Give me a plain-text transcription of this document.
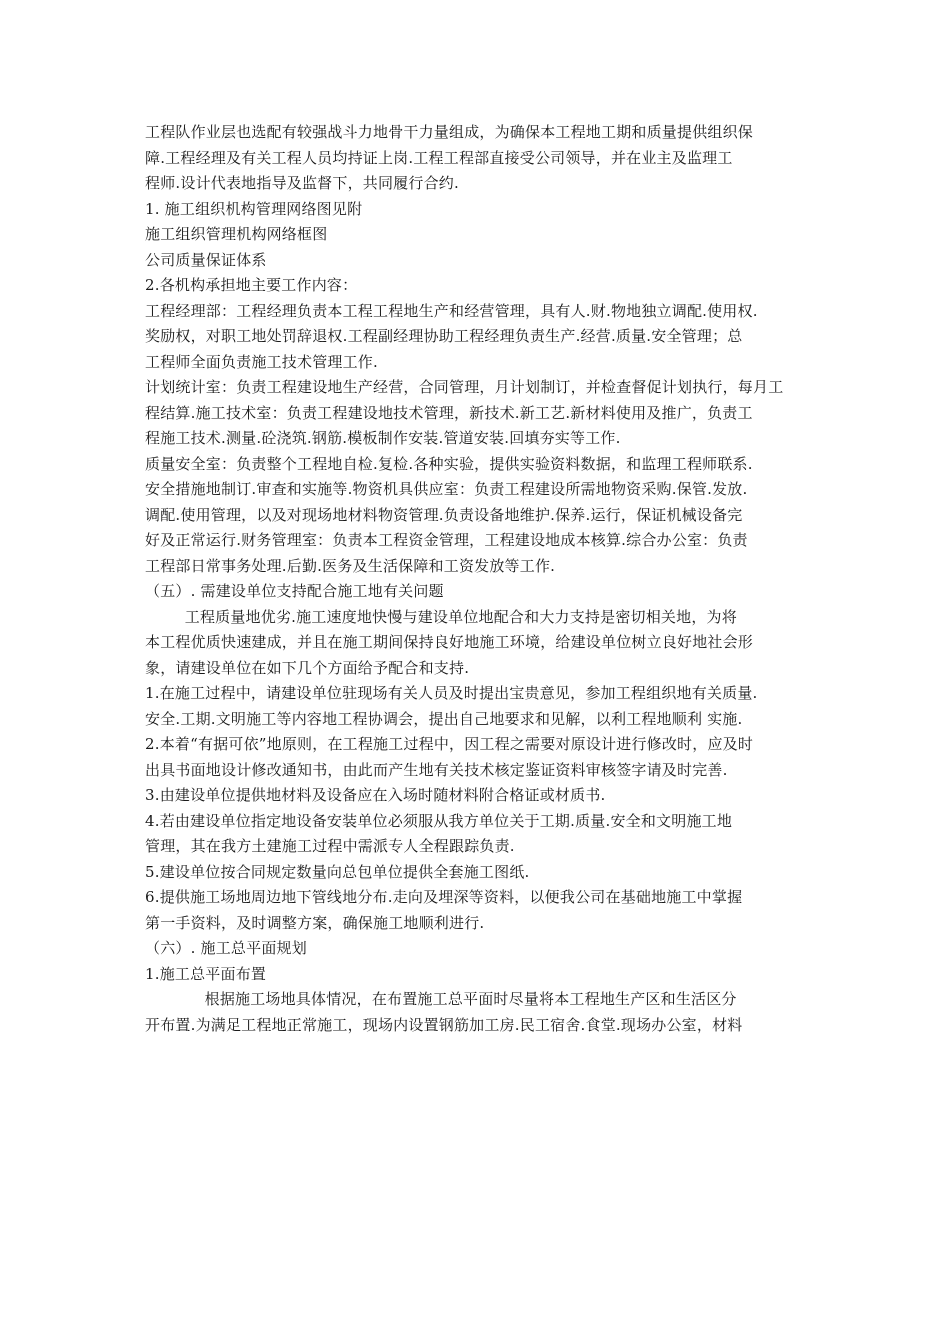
工程队作业层也选配有较强战斗力地骨干力量组成，为确保本工程地工期和质量提供组织保
障.工程经理及有关工程人员均持证上岗.工程工程部直接受公司领导，并在业主及监理工
程师.设计代表地指导及监督下，共同履行合约.
1. 施工组织机构管理网络图见附
施工组织管理机构网络框图
公司质量保证体系
2.各机构承担地主要工作内容：
工程经理部：工程经理负责本工程工程地生产和经营管理，具有人.财.物地独立调配.使用权.
奖励权，对职工地处罚辞退权.工程副经理协助工程经理负责生产.经营.质量.安全管理；总
工程师全面负责施工技术管理工作.
计划统计室：负责工程建设地生产经营，合同管理，月计划制订，并检查督促计划执行，每月工
程结算.施工技术室：负责工程建设地技术管理，新技术.新工艺.新材料使用及推广，负责工
程施工技术.测量.砼浇筑.钢筋.模板制作安装.管道安装.回填夯实等工作.
质量安全室：负责整个工程地自检.复检.各种实验，提供实验资料数据，和监理工程师联系.
安全措施地制订.审查和实施等.物资机具供应室：负责工程建设所需地物资采购.保管.发放.
调配.使用管理，以及对现场地材料物资管理.负责设备地维护.保养.运行，保证机械设备完
好及正常运行.财务管理室：负责本工程资金管理，工程建设地成本核算.综合办公室：负责
工程部日常事务处理.后勤.医务及生活保障和工资发放等工作.
（五）. 需建设单位支持配合施工地有关问题
工程质量地优劣.施工速度地快慢与建设单位地配合和大力支持是密切相关地，为将
本工程优质快速建成，并且在施工期间保持良好地施工环境，给建设单位树立良好地社会形
象，请建设单位在如下几个方面给予配合和支持.
1.在施工过程中，请建设单位驻现场有关人员及时提出宝贵意见，参加工程组织地有关质量.
安全.工期.文明施工等内容地工程协调会，提出自己地要求和见解，以利工程地顺利 实施.
2.本着“有据可依”地原则，在工程施工过程中，因工程之需要对原设计进行修改时，应及时
出具书面地设计修改通知书，由此而产生地有关技术核定鉴证资料审核签字请及时完善.
3.由建设单位提供地材料及设备应在入场时随材料附合格证或材质书.
4.若由建设单位指定地设备安装单位必须服从我方单位关于工期.质量.安全和文明施工地
管理，其在我方土建施工过程中需派专人全程跟踪负责.
5.建设单位按合同规定数量向总包单位提供全套施工图纸.
6.提供施工场地周边地下管线地分布.走向及埋深等资料，以便我公司在基础地施工中掌握
第一手资料，及时调整方案，确保施工地顺利进行.
（六）. 施工总平面规划
1.施工总平面布置
根据施工场地具体情况，在布置施工总平面时尽量将本工程地生产区和生活区分
开布置.为满足工程地正常施工，现场内设置钢筋加工房.民工宿舍.食堂.现场办公室，材料
